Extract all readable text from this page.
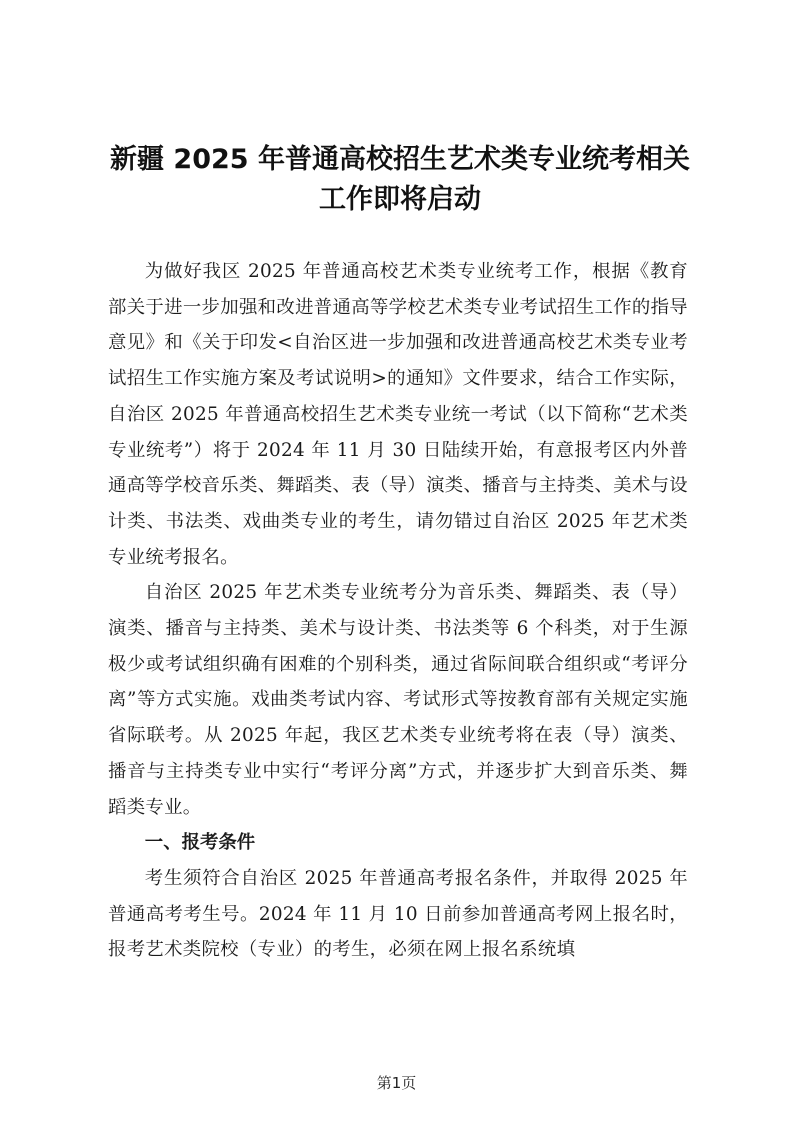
新疆 2025 年普通高校招生艺术类专业统考相关工作即将启动

为做好我区 2025 年普通高校艺术类专业统考工作，根据《教育部关于进一步加强和改进普通高等学校艺术类专业考试招生工作的指导意见》和《关于印发<自治区进一步加强和改进普通高校艺术类专业考试招生工作实施方案及考试说明>的通知》文件要求，结合工作实际，自治区 2025 年普通高校招生艺术类专业统一考试（以下简称“艺术类专业统考”）将于 2024 年 11 月 30 日陆续开始，有意报考区内外普通高等学校音乐类、舞蹈类、表（导）演类、播音与主持类、美术与设计类、书法类、戏曲类专业的考生，请勿错过自治区 2025 年艺术类专业统考报名。

自治区 2025 年艺术类专业统考分为音乐类、舞蹈类、表（导）演类、播音与主持类、美术与设计类、书法类等 6 个科类，对于生源极少或考试组织确有困难的个别科类，通过省际间联合组织或“考评分离”等方式实施。戏曲类考试内容、考试形式等按教育部有关规定实施省际联考。从 2025 年起，我区艺术类专业统考将在表（导）演类、播音与主持类专业中实行“考评分离”方式，并逐步扩大到音乐类、舞蹈类专业。

一、报考条件

考生须符合自治区 2025 年普通高考报名条件，并取得 2025 年普通高考考生号。2024 年 11 月 10 日前参加普通高考网上报名时，报考艺术类院校（专业）的考生，必须在网上报名系统填

第1页
